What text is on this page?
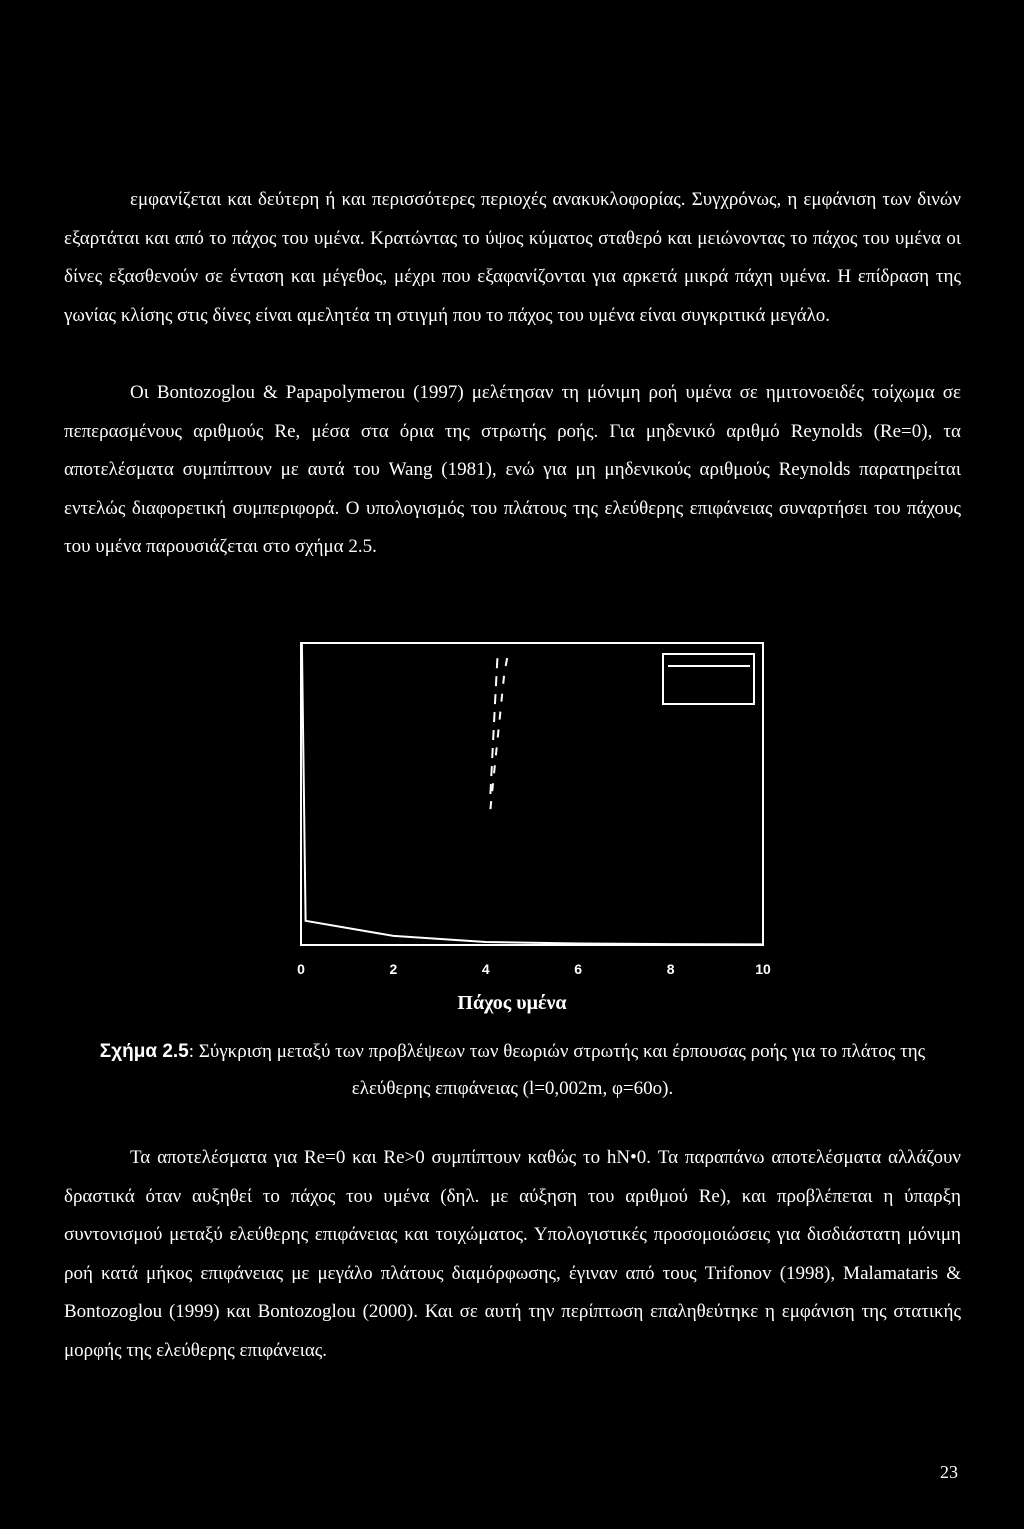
εμφανίζεται και δεύτερη ή και περισσότερες περιοχές ανακυκλοφορίας. Συγχρόνως, η εμφάνιση των δινών εξαρτάται και από το πάχος του υμένα. Κρατώντας το ύψος κύματος σταθερό και μειώνοντας το πάχος του υμένα οι δίνες εξασθενούν σε ένταση και μέγεθος, μέχρι που εξαφανίζονται για αρκετά μικρά πάχη υμένα. Η επίδραση της γωνίας κλίσης στις δίνες είναι αμελητέα τη στιγμή που το πάχος του υμένα είναι συγκριτικά μεγάλο.
Οι Bontozoglou & Papapolymerou (1997) μελέτησαν τη μόνιμη ροή υμένα σε ημιτονοειδές τοίχωμα σε πεπερασμένους αριθμούς Re, μέσα στα όρια της στρωτής ροής. Για μηδενικό αριθμό Reynolds (Re=0), τα αποτελέσματα συμπίπτουν με αυτά του Wang (1981), ενώ για μη μηδενικούς αριθμούς Reynolds παρατηρείται εντελώς διαφορετική συμπεριφορά. Ο υπολογισμός του πλάτους της ελεύθερης επιφάνειας συναρτήσει του πάχους του υμένα παρουσιάζεται στο σχήμα 2.5.
0	2	4	6	8	10
Πάχος υμένα
Σχήμα 2.5: Σύγκριση μεταξύ των προβλέψεων των θεωριών στρωτής και έρπουσας ροής για το πλάτος της ελεύθερης επιφάνειας (l=0,002m, φ=60ο).
Τα αποτελέσματα για Re=0 και Re>0 συμπίπτουν καθώς το hN•0. Τα παραπάνω αποτελέσματα αλλάζουν δραστικά όταν αυξηθεί το πάχος του υμένα (δηλ. με αύξηση του αριθμού Re), και προβλέπεται η ύπαρξη συντονισμού μεταξύ ελεύθερης επιφάνειας και τοιχώματος. Υπολογιστικές προσομοιώσεις για δισδιάστατη μόνιμη ροή κατά μήκος επιφάνειας με μεγάλο πλάτους διαμόρφωσης, έγιναν από τους Trifonov (1998), Malamataris & Bontozoglou (1999) και Bontozoglou (2000). Και σε αυτή την περίπτωση επαληθεύτηκε η εμφάνιση της στατικής μορφής της ελεύθερης επιφάνειας.
23
